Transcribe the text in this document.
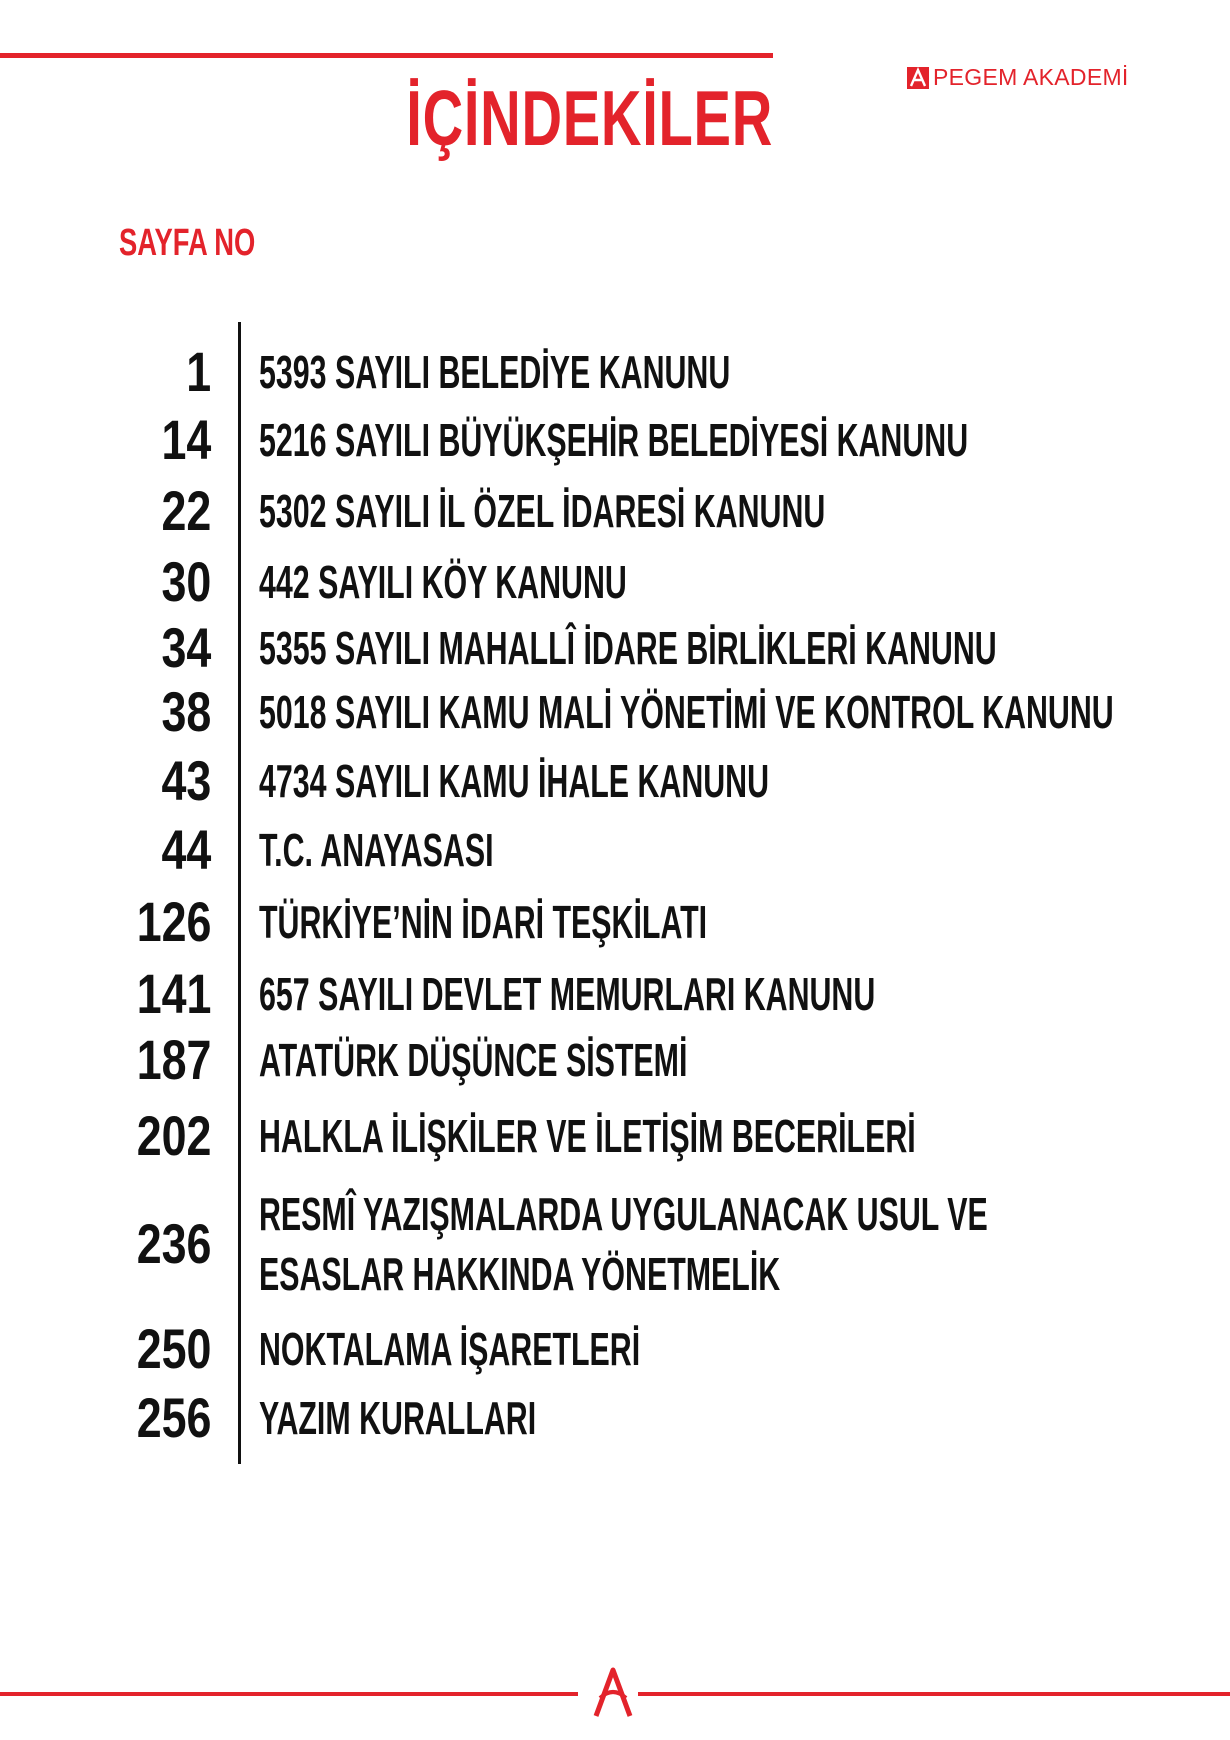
PEGEM AKADEMİ
İÇİNDEKİLER
SAYFA NO
1 5393 SAYILI BELEDİYE KANUNU
14 5216 SAYILI BÜYÜKŞEHİR BELEDİYESİ KANUNU
22 5302 SAYILI İL ÖZEL İDARESİ KANUNU
30 442 SAYILI KÖY KANUNU
34 5355 SAYILI MAHALLÎ İDARE BİRLİKLERİ KANUNU
38 5018 SAYILI KAMU MALİ YÖNETİMİ VE KONTROL KANUNU
43 4734 SAYILI KAMU İHALE KANUNU
44 T.C. ANAYASASI
126 TÜRKİYE’NİN İDARİ TEŞKİLATI
141 657 SAYILI DEVLET MEMURLARI KANUNU
187 ATATÜRK DÜŞÜNCE SİSTEMİ
202 HALKLA İLİŞKİLER VE İLETİŞİM BECERİLERİ
236 RESMÎ YAZIŞMALARDA UYGULANACAK USUL VE ESASLAR HAKKINDA YÖNETMELİK
250 NOKTALAMA İŞARETLERİ
256 YAZIM KURALLARI
